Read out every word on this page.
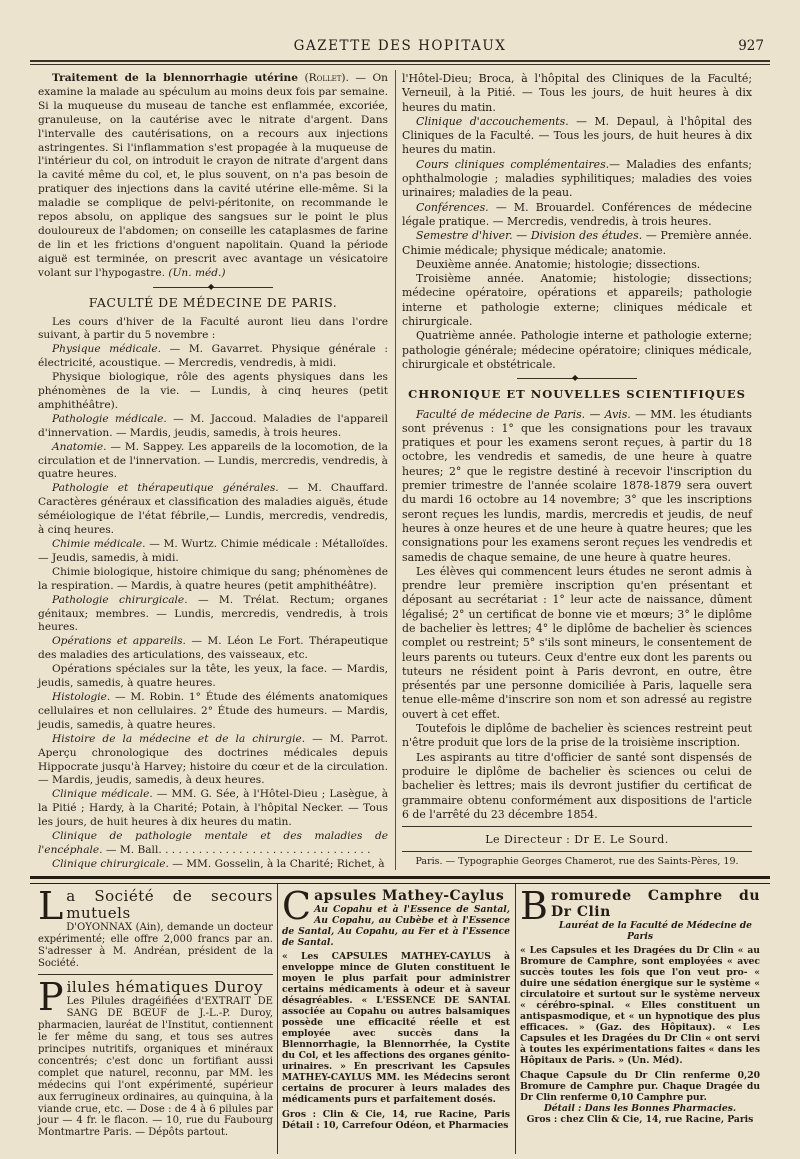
GAZETTE DES HOPITAUX	927

Traitement de la blennorrhagie utérine (Rollet). — On examine la malade au spéculum au moins deux fois par semaine. Si la muqueuse du museau de tanche est enflammée, excoriée, granuleuse, on la cautérise avec le nitrate d'argent. Dans l'intervalle des cautérisations, on a recours aux injections astringentes. Si l'inflammation s'est propagée à la muqueuse de l'intérieur du col, on introduit le crayon de nitrate d'argent dans la cavité même du col, et, le plus souvent, on n'a pas besoin de pratiquer des injections dans la cavité utérine elle-même. Si la maladie se complique de pelvi-péritonite, on recommande le repos absolu, on applique des sangsues sur le point le plus douloureux de l'abdomen; on conseille les cataplasmes de farine de lin et les frictions d'onguent napolitain. Quand la période aiguë est terminée, on prescrit avec avantage un vésicatoire volant sur l'hypogastre. (Un. méd.)

◆

FACULTÉ DE MÉDECINE DE PARIS.

Les cours d'hiver de la Faculté auront lieu dans l'ordre suivant, à partir du 5 novembre :

Physique médicale. — M. Gavarret. Physique générale : électricité, acoustique. — Mercredis, vendredis, à midi.

Physique biologique, rôle des agents physiques dans les phénomènes de la vie. — Lundis, à cinq heures (petit amphithéâtre).

Pathologie médicale. — M. Jaccoud. Maladies de l'appareil d'innervation. — Mardis, jeudis, samedis, à trois heures.

Anatomie. — M. Sappey. Les appareils de la locomotion, de la circulation et de l'innervation. — Lundis, mercredis, vendredis, à quatre heures.

Pathologie et thérapeutique générales. — M. Chauffard. Caractères généraux et classification des maladies aiguës, étude séméiologique de l'état fébrile,— Lundis, mercredis, vendredis, à cinq heures.

Chimie médicale. — M. Wurtz. Chimie médicale : Métalloïdes. — Jeudis, samedis, à midi.

Chimie biologique, histoire chimique du sang; phénomènes de la respiration. — Mardis, à quatre heures (petit amphithéâtre).

Pathologie chirurgicale. — M. Trélat. Rectum; organes génitaux; membres. — Lundis, mercredis, vendredis, à trois heures.

Opérations et appareils. — M. Léon Le Fort. Thérapeutique des maladies des articulations, des vaisseaux, etc.

Opérations spéciales sur la tête, les yeux, la face. — Mardis, jeudis, samedis, à quatre heures.

Histologie. — M. Robin. 1° Étude des éléments anatomiques cellulaires et non cellulaires. 2° Étude des humeurs. — Mardis, jeudis, samedis, à quatre heures.

Histoire de la médecine et de la chirurgie. — M. Parrot. Aperçu chronologique des doctrines médicales depuis Hippocrate jusqu'à Harvey; histoire du cœur et de la circulation. — Mardis, jeudis, samedis, à deux heures.

Clinique médicale. — MM. G. Sée, à l'Hôtel-Dieu ; Lasègue, à la Pitié ; Hardy, à la Charité; Potain, à l'hôpital Necker. — Tous les jours, de huit heures à dix heures du matin.

Clinique de pathologie mentale et des maladies de l'encéphale. — M. Ball. . . . . . . . . . . . . . . . . . . . . . . . . . . . . . . .

Clinique chirurgicale. — MM. Gosselin, à la Charité; Richet, à

l'Hôtel-Dieu; Broca, à l'hôpital des Cliniques de la Faculté; Verneuil, à la Pitié. — Tous les jours, de huit heures à dix heures du matin.

Clinique d'accouchements. — M. Depaul, à l'hôpital des Cliniques de la Faculté. — Tous les jours, de huit heures à dix heures du matin.

Cours cliniques complémentaires.— Maladies des enfants; ophthalmologie ; maladies syphilitiques; maladies des voies urinaires; maladies de la peau.

Conférences. — M. Brouardel. Conférences de médecine légale pratique. — Mercredis, vendredis, à trois heures.

Semestre d'hiver. — Division des études. — Première année. Chimie médicale; physique médicale; anatomie.

Deuxième année. Anatomie; histologie; dissections.

Troisième année. Anatomie; histologie; dissections; médecine opératoire, opérations et appareils; pathologie interne et pathologie externe; cliniques médicale et chirurgicale.

Quatrième année. Pathologie interne et pathologie externe; pathologie générale; médecine opératoire; cliniques médicale, chirurgicale et obstétricale.

◆

CHRONIQUE ET NOUVELLES SCIENTIFIQUES

Faculté de médecine de Paris. — Avis. — MM. les étudiants sont prévenus : 1° que les consignations pour les travaux pratiques et pour les examens seront reçues, à partir du 18 octobre, les vendredis et samedis, de une heure à quatre heures; 2° que le registre destiné à recevoir l'inscription du premier trimestre de l'année scolaire 1878-1879 sera ouvert du mardi 16 octobre au 14 novembre; 3° que les inscriptions seront reçues les lundis, mardis, mercredis et jeudis, de neuf heures à onze heures et de une heure à quatre heures; que les consignations pour les examens seront reçues les vendredis et samedis de chaque semaine, de une heure à quatre heures.

Les élèves qui commencent leurs études ne seront admis à prendre leur première inscription qu'en présentant et déposant au secrétariat : 1° leur acte de naissance, dûment légalisé; 2° un certificat de bonne vie et mœurs; 3° le diplôme de bachelier ès lettres; 4° le diplôme de bachelier ès sciences complet ou restreint; 5° s'ils sont mineurs, le consentement de leurs parents ou tuteurs. Ceux d'entre eux dont les parents ou tuteurs ne résident point à Paris devront, en outre, être présentés par une personne domiciliée à Paris, laquelle sera tenue elle-même d'inscrire son nom et son adressé au registre ouvert à cet effet.

Toutefois le diplôme de bachelier ès sciences restreint peut n'être produit que lors de la prise de la troisième inscription.

Les aspirants au titre d'officier de santé sont dispensés de produire le diplôme de bachelier ès sciences ou celui de bachelier ès lettres; mais ils devront justifier du certificat de grammaire obtenu conformément aux dispositions de l'article 6 de l'arrêté du 23 décembre 1854.

Le Directeur : Dr E. Le Sourd.

Paris. — Typographie Georges Chamerot, rue des Saints-Pères, 19.

La Société de secours mutuels

D'OYONNAX (Ain), demande un docteur expérimenté; elle offre 2,000 francs par an. S'adresser à M. Andréan, président de la Société.

Pilules hématiques Duroy

Les Pilules dragéifiées d'EXTRAIT DE SANG DE BŒUF de J.-L.-P. Duroy, pharmacien, lauréat de l'Institut, contiennent le fer même du sang, et tous ses autres principes nutritifs, organiques et minéraux concentrés; c'est donc un fortifiant aussi complet que naturel, reconnu, par MM. les médecins qui l'ont expérimenté, supérieur aux ferrugineux ordinaires, au quinquina, à la viande crue, etc. — Dose : de 4 à 6 pilules par jour — 4 fr. le flacon. — 10, rue du Faubourg Montmartre Paris. — Dépôts partout.

Capsules Mathey-Caylus

Au Copahu et à l'Essence de Santal, Au Copahu, au Cubèbe et à l'Essence de Santal, Au Copahu, au Fer et à l'Essence de Santal.

« Les CAPSULES MATHEY-CAYLUS à enveloppe mince de Gluten constituent le moyen le plus parfait pour administrer certains médicaments à odeur et à saveur désagréables. « L'ESSENCE DE SANTAL associée au Copahu ou autres balsamiques possède une efficacité réelle et est employée avec succès dans la Blennorrhagie, la Blennorrhée, la Cystite du Col, et les affections des organes génito-urinaires. » En prescrivant les Capsules MATHEY-CAYLUS MM. les Médecins seront certains de procurer à leurs malades des médicaments purs et parfaitement dosés.

Gros : Clin & Cie, 14, rue Racine, Paris Détail : 10, Carrefour Odéon, et Pharmacies

Bromurede Camphre du Dr Clin

Lauréat de la Faculté de Médecine de Paris

« Les Capsules et les Dragées du Dr Clin « au Bromure de Camphre, sont employées « avec succès toutes les fois que l'on veut pro- « duire une sédation énergique sur le système « circulatoire et surtout sur le système nerveux « cérébro-spinal. « Elles constituent un antispasmodique, et « un hypnotique des plus efficaces. » (Gaz. des Hôpitaux). « Les Capsules et les Dragées du Dr Clin « ont servi à toutes les expérimentations faites « dans les Hôpitaux de Paris. » (Un. Méd).

Chaque Capsule du Dr Clin renferme 0,20 Bromure de Camphre pur. Chaque Dragée du Dr Clin renferme 0,10 Camphre pur.

Détail : Dans les Bonnes Pharmacies.

Gros : chez Clin & Cie, 14, rue Racine, Paris
